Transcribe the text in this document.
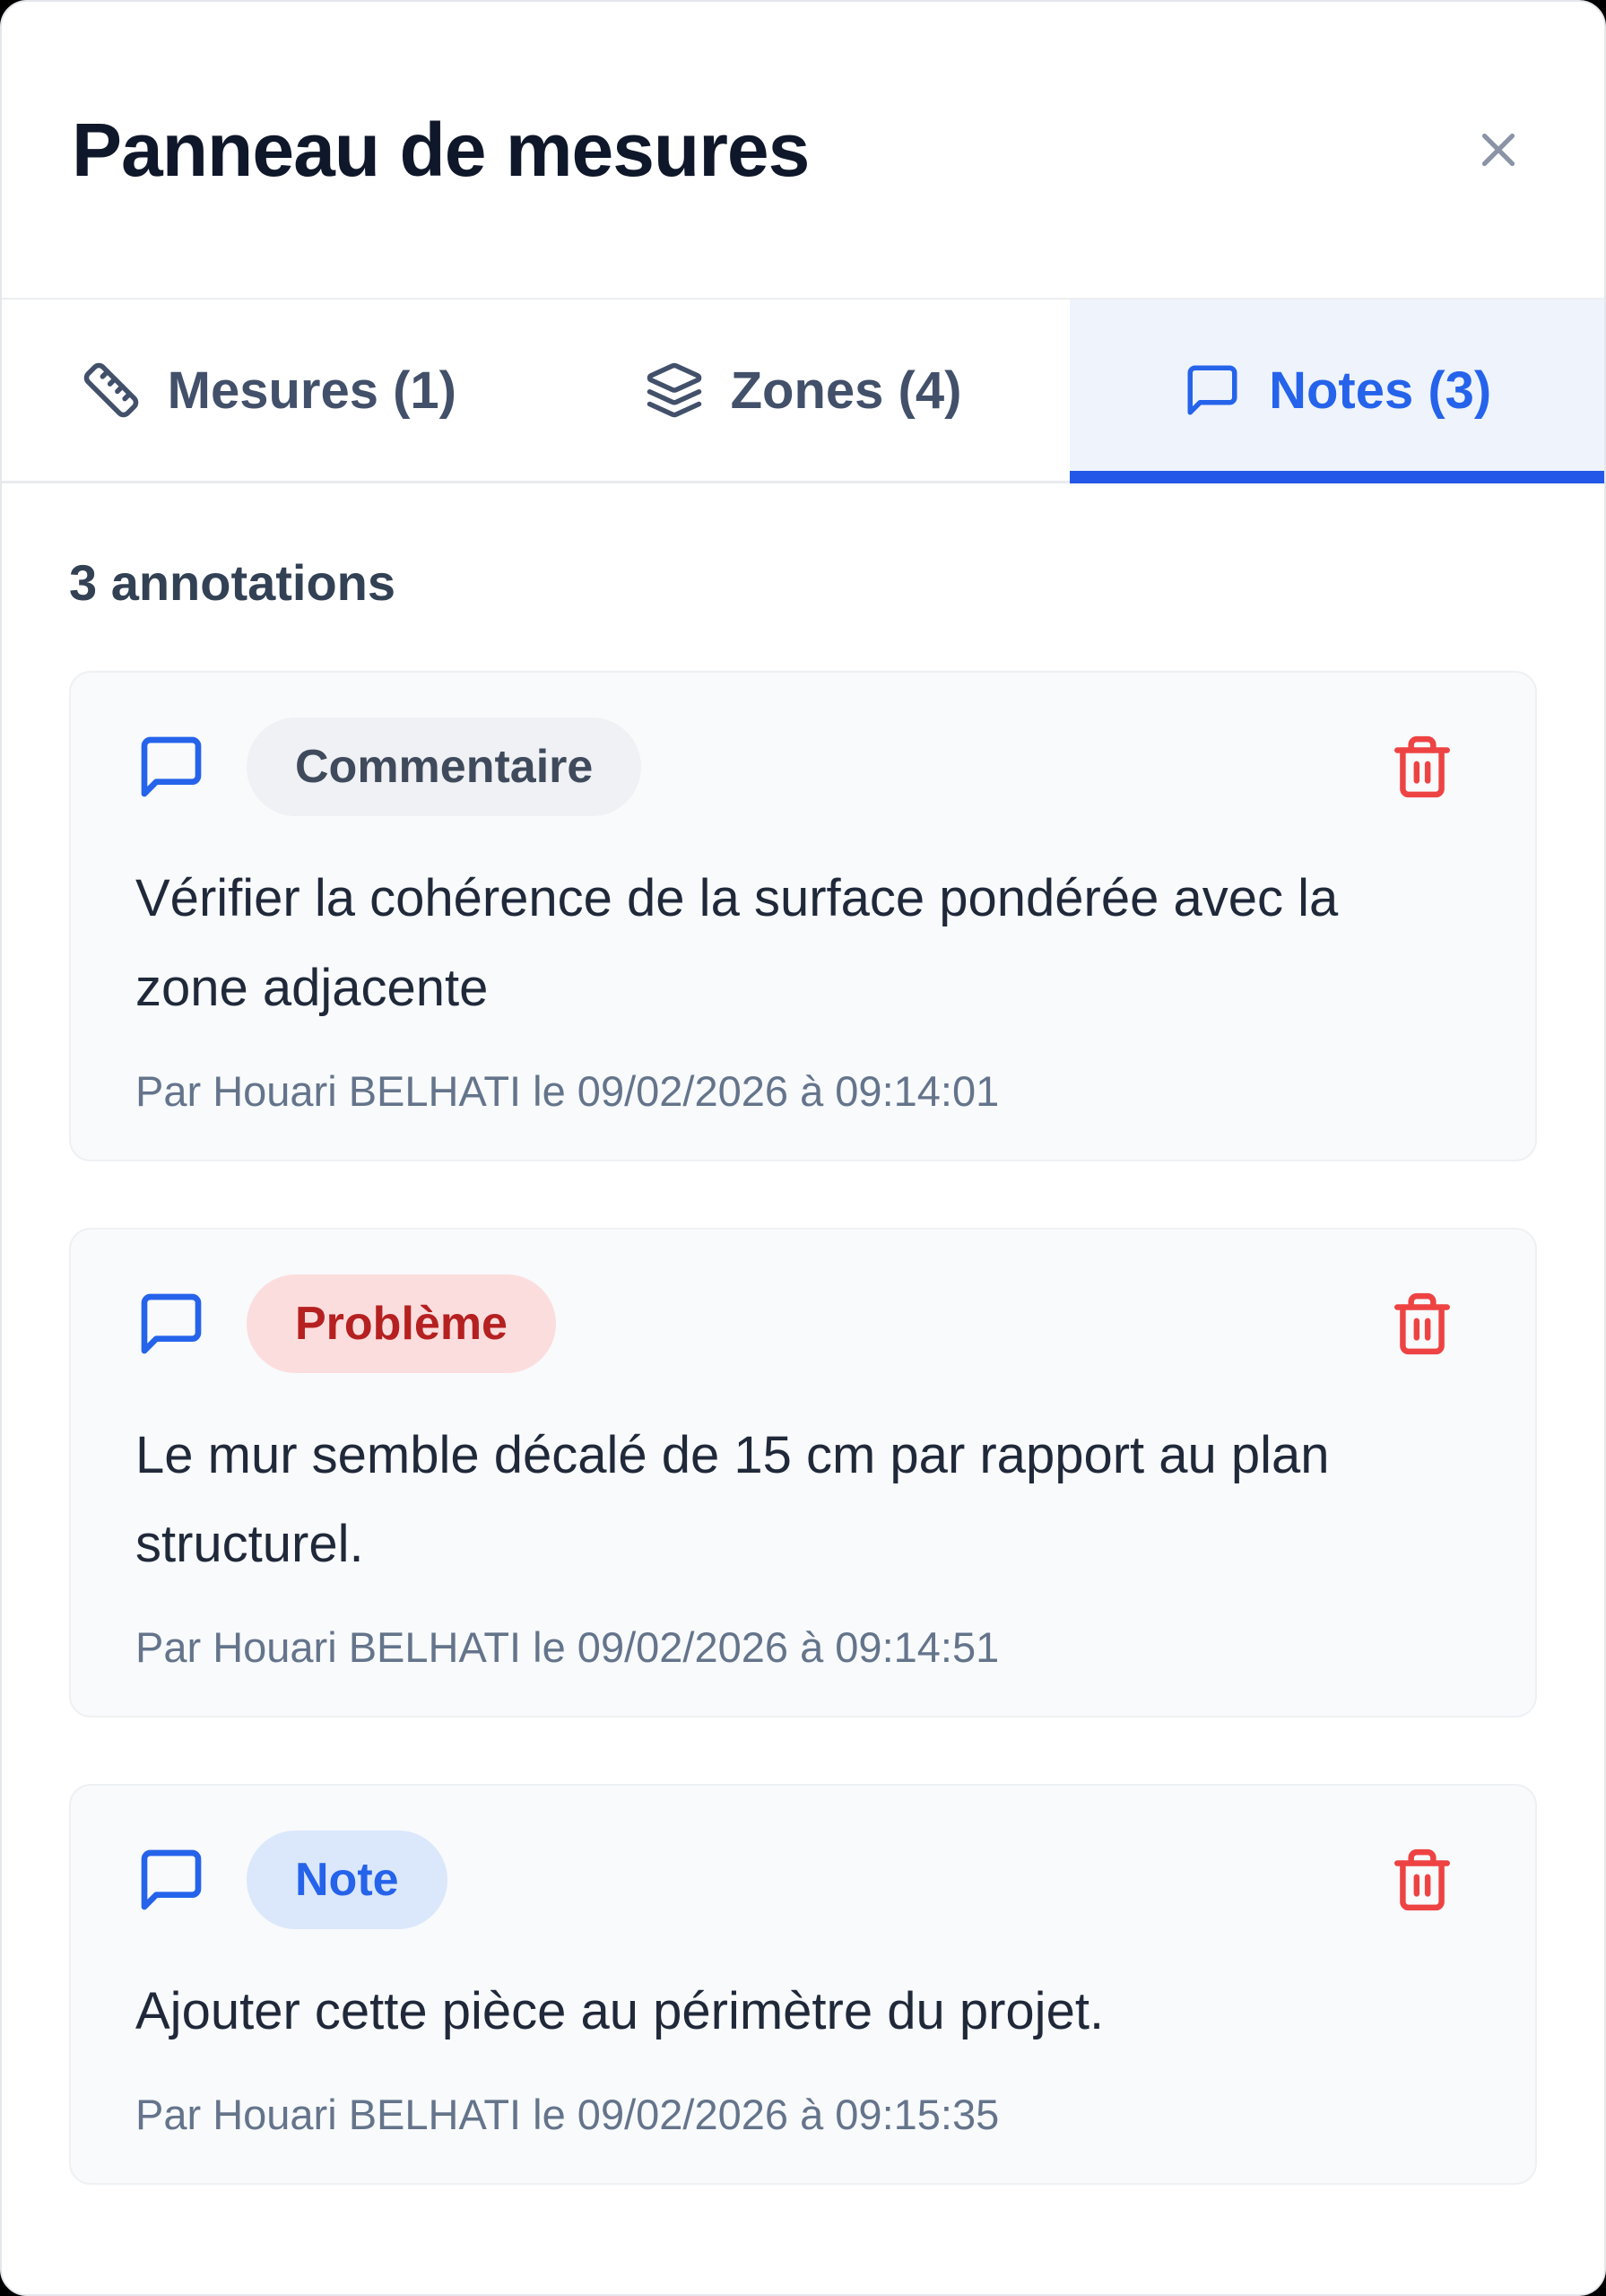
Panneau de mesures
Mesures (1)	Zones (4)	Notes (3)
3 annotations
Commentaire
Vérifier la cohérence de la surface pondérée avec la zone adjacente
Par Houari BELHATI le 09/02/2026 à 09:14:01
Problème
Le mur semble décalé de 15 cm par rapport au plan structurel.
Par Houari BELHATI le 09/02/2026 à 09:14:51
Note
Ajouter cette pièce au périmètre du projet.
Par Houari BELHATI le 09/02/2026 à 09:15:35
